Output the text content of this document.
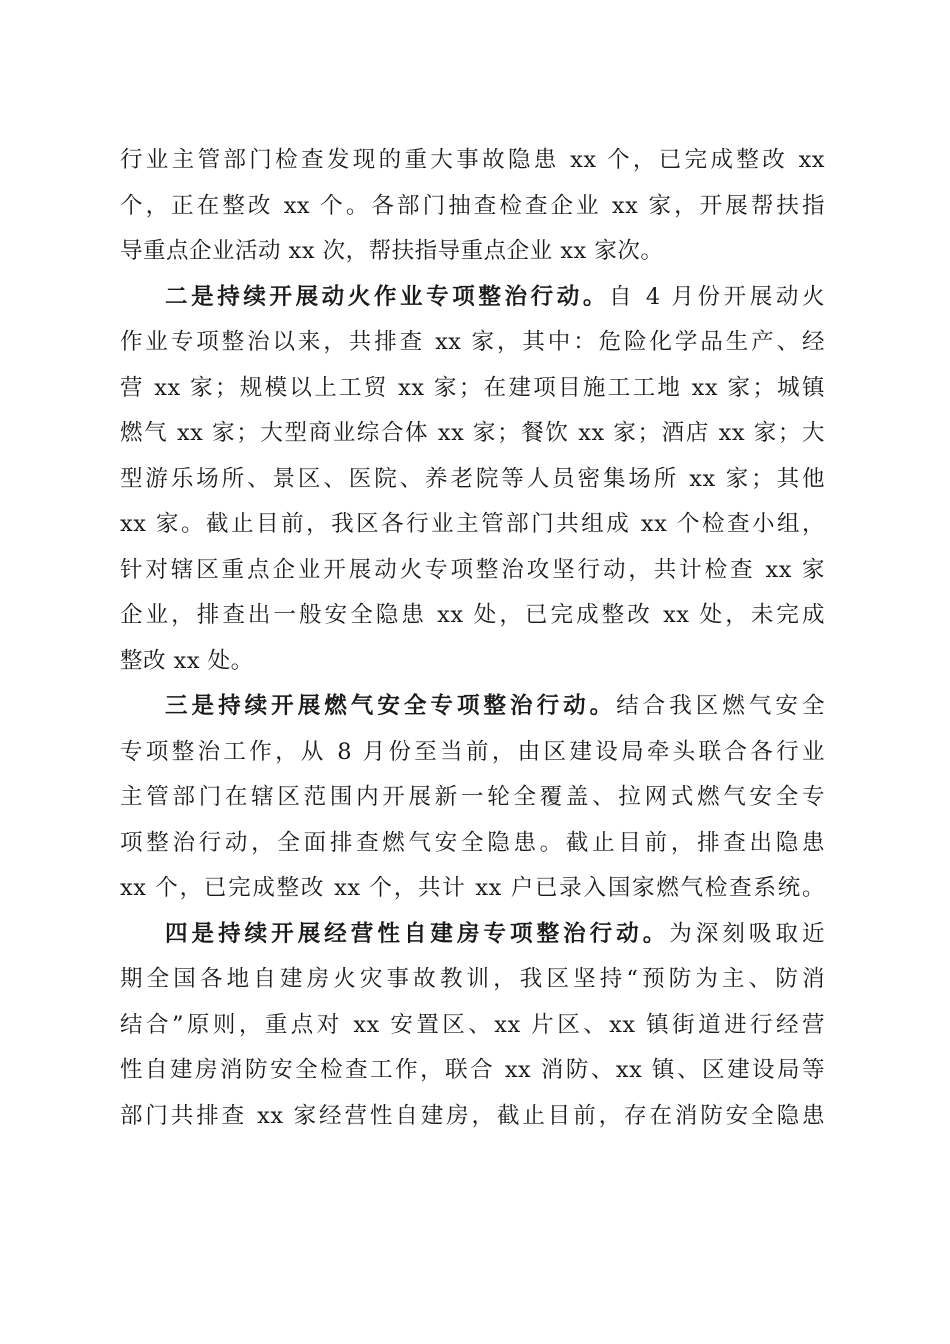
行业主管部门检查发现的重大事故隐患 xx 个，已完成整改 xx
个，正在整改 xx 个。各部门抽查检查企业 xx 家，开展帮扶指
导重点企业活动 xx 次，帮扶指导重点企业 xx 家次。
二是持续开展动火作业专项整治行动。自 4 月份开展动火
作业专项整治以来，共排查 xx 家，其中：危险化学品生产、经
营 xx 家；规模以上工贸 xx 家；在建项目施工工地 xx 家；城镇
燃气 xx 家；大型商业综合体 xx 家；餐饮 xx 家；酒店 xx 家；大
型游乐场所、景区、医院、养老院等人员密集场所 xx 家；其他
xx 家。截止目前，我区各行业主管部门共组成 xx 个检查小组，
针对辖区重点企业开展动火专项整治攻坚行动，共计检查 xx 家
企业，排查出一般安全隐患 xx 处，已完成整改 xx 处，未完成
整改 xx 处。
三是持续开展燃气安全专项整治行动。结合我区燃气安全
专项整治工作，从 8 月份至当前，由区建设局牵头联合各行业
主管部门在辖区范围内开展新一轮全覆盖、拉网式燃气安全专
项整治行动，全面排查燃气安全隐患。截止目前，排查出隐患
xx 个，已完成整改 xx 个，共计 xx 户已录入国家燃气检查系统。
四是持续开展经营性自建房专项整治行动。为深刻吸取近
期全国各地自建房火灾事故教训，我区坚持“预防为主、防消
结合”原则，重点对 xx 安置区、xx 片区、xx 镇街道进行经营
性自建房消防安全检查工作，联合 xx 消防、xx 镇、区建设局等
部门共排查 xx 家经营性自建房，截止目前，存在消防安全隐患
